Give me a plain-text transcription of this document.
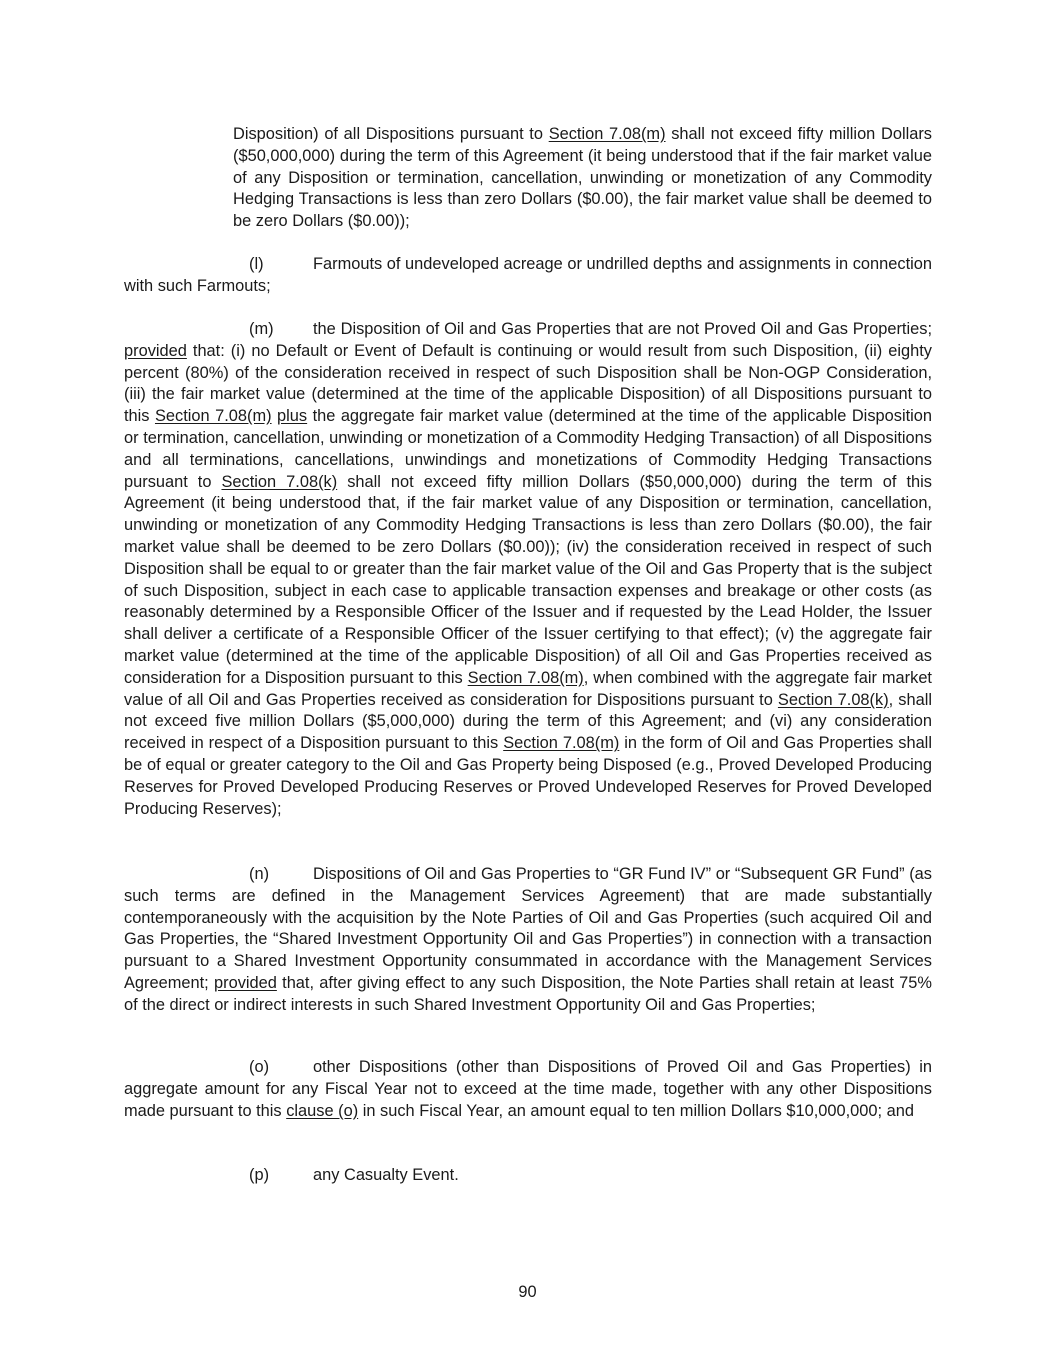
Disposition) of all Dispositions pursuant to Section 7.08(m) shall not exceed fifty million Dollars ($50,000,000) during the term of this Agreement (it being understood that if the fair market value of any Disposition or termination, cancellation, unwinding or monetization of any Commodity Hedging Transactions is less than zero Dollars ($0.00), the fair market value shall be deemed to be zero Dollars ($0.00));
(l)	Farmouts of undeveloped acreage or undrilled depths and assignments in connection with such Farmouts;
(m) the Disposition of Oil and Gas Properties that are not Proved Oil and Gas Properties; provided that: (i) no Default or Event of Default is continuing or would result from such Disposition, (ii) eighty percent (80%) of the consideration received in respect of such Disposition shall be Non-OGP Consideration, (iii) the fair market value (determined at the time of the applicable Disposition) of all Dispositions pursuant to this Section 7.08(m) plus the aggregate fair market value (determined at the time of the applicable Disposition or termination, cancellation, unwinding or monetization of a Commodity Hedging Transaction) of all Dispositions and all terminations, cancellations, unwindings and monetizations of Commodity Hedging Transactions pursuant to Section 7.08(k) shall not exceed fifty million Dollars ($50,000,000) during the term of this Agreement (it being understood that, if the fair market value of any Disposition or termination, cancellation, unwinding or monetization of any Commodity Hedging Transactions is less than zero Dollars ($0.00), the fair market value shall be deemed to be zero Dollars ($0.00)); (iv) the consideration received in respect of such Disposition shall be equal to or greater than the fair market value of the Oil and Gas Property that is the subject of such Disposition, subject in each case to applicable transaction expenses and breakage or other costs (as reasonably determined by a Responsible Officer of the Issuer and if requested by the Lead Holder, the Issuer shall deliver a certificate of a Responsible Officer of the Issuer certifying to that effect); (v) the aggregate fair market value (determined at the time of the applicable Disposition) of all Oil and Gas Properties received as consideration for a Disposition pursuant to this Section 7.08(m), when combined with the aggregate fair market value of all Oil and Gas Properties received as consideration for Dispositions pursuant to Section 7.08(k), shall not exceed five million Dollars ($5,000,000) during the term of this Agreement; and (vi) any consideration received in respect of a Disposition pursuant to this Section 7.08(m) in the form of Oil and Gas Properties shall be of equal or greater category to the Oil and Gas Property being Disposed (e.g., Proved Developed Producing Reserves for Proved Developed Producing Reserves or Proved Undeveloped Reserves for Proved Developed Producing Reserves);
(n)	Dispositions of Oil and Gas Properties to “GR Fund IV” or “Subsequent GR Fund” (as such terms are defined in the Management Services Agreement) that are made substantially contemporaneously with the acquisition by the Note Parties of Oil and Gas Properties (such acquired Oil and Gas Properties, the “Shared Investment Opportunity Oil and Gas Properties”) in connection with a transaction pursuant to a Shared Investment Opportunity consummated in accordance with the Management Services Agreement; provided that, after giving effect to any such Disposition, the Note Parties shall retain at least 75% of the direct or indirect interests in such Shared Investment Opportunity Oil and Gas Properties;
(o)	other Dispositions (other than Dispositions of Proved Oil and Gas Properties) in aggregate amount for any Fiscal Year not to exceed at the time made, together with any other Dispositions made pursuant to this clause (o) in such Fiscal Year, an amount equal to ten million Dollars $10,000,000; and
(p)	any Casualty Event.
90
